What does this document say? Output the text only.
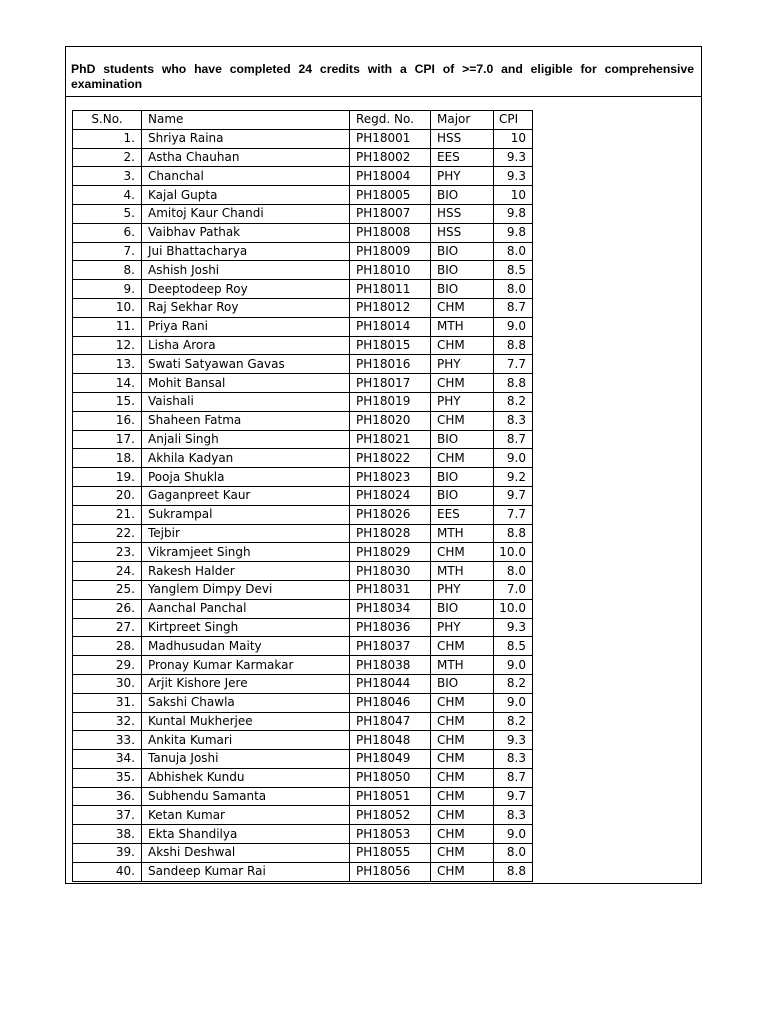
PhD students who have completed 24 credits with a CPI of >=7.0 and eligible for comprehensive examination
S.No.	Name	Regd. No.	Major	CPI
1.	Shriya Raina	PH18001	HSS	10
2.	Astha Chauhan	PH18002	EES	9.3
3.	Chanchal	PH18004	PHY	9.3
4.	Kajal Gupta	PH18005	BIO	10
5.	Amitoj Kaur Chandi	PH18007	HSS	9.8
6.	Vaibhav Pathak	PH18008	HSS	9.8
7.	Jui Bhattacharya	PH18009	BIO	8.0
8.	Ashish Joshi	PH18010	BIO	8.5
9.	Deeptodeep Roy	PH18011	BIO	8.0
10.	Raj Sekhar Roy	PH18012	CHM	8.7
11.	Priya Rani	PH18014	MTH	9.0
12.	Lisha Arora	PH18015	CHM	8.8
13.	Swati Satyawan Gavas	PH18016	PHY	7.7
14.	Mohit Bansal	PH18017	CHM	8.8
15.	Vaishali	PH18019	PHY	8.2
16.	Shaheen Fatma	PH18020	CHM	8.3
17.	Anjali Singh	PH18021	BIO	8.7
18.	Akhila Kadyan	PH18022	CHM	9.0
19.	Pooja Shukla	PH18023	BIO	9.2
20.	Gaganpreet Kaur	PH18024	BIO	9.7
21.	Sukrampal	PH18026	EES	7.7
22.	Tejbir	PH18028	MTH	8.8
23.	Vikramjeet Singh	PH18029	CHM	10.0
24.	Rakesh Halder	PH18030	MTH	8.0
25.	Yanglem Dimpy Devi	PH18031	PHY	7.0
26.	Aanchal Panchal	PH18034	BIO	10.0
27.	Kirtpreet Singh	PH18036	PHY	9.3
28.	Madhusudan Maity	PH18037	CHM	8.5
29.	Pronay Kumar Karmakar	PH18038	MTH	9.0
30.	Arjit Kishore Jere	PH18044	BIO	8.2
31.	Sakshi Chawla	PH18046	CHM	9.0
32.	Kuntal Mukherjee	PH18047	CHM	8.2
33.	Ankita Kumari	PH18048	CHM	9.3
34.	Tanuja Joshi	PH18049	CHM	8.3
35.	Abhishek Kundu	PH18050	CHM	8.7
36.	Subhendu Samanta	PH18051	CHM	9.7
37.	Ketan Kumar	PH18052	CHM	8.3
38.	Ekta Shandilya	PH18053	CHM	9.0
39.	Akshi Deshwal	PH18055	CHM	8.0
40.	Sandeep Kumar Rai	PH18056	CHM	8.8
